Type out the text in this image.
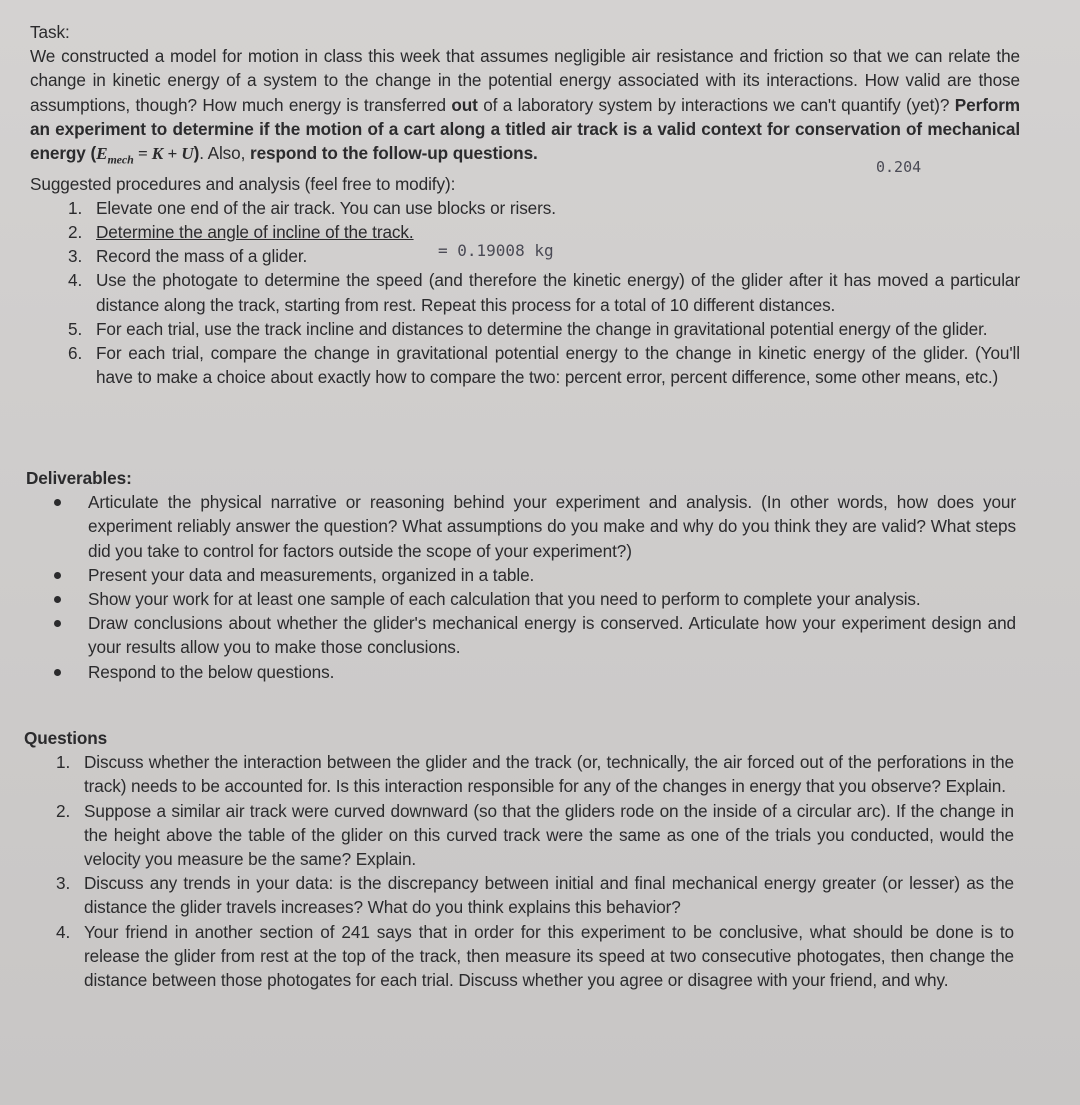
Task:
We constructed a model for motion in class this week that assumes negligible air resistance and friction so that we can relate the change in kinetic energy of a system to the change in the potential energy associated with its interactions. How valid are those assumptions, though? How much energy is transferred out of a laboratory system by interactions we can't quantify (yet)? Perform an experiment to determine if the motion of a cart along a titled air track is a valid context for conservation of mechanical energy $(E_{mech} = K + U)$. Also, respond to the follow-up questions.
Suggested procedures and analysis (feel free to modify):
1. Elevate one end of the air track. You can use blocks or risers.
2. Determine the angle of incline of the track.
3. Record the mass of a glider.
4. Use the photogate to determine the speed (and therefore the kinetic energy) of the glider after it has moved a particular distance along the track, starting from rest. Repeat this process for a total of 10 different distances.
5. For each trial, use the track incline and distances to determine the change in gravitational potential energy of the glider.
6. For each trial, compare the change in gravitational potential energy to the change in kinetic energy of the glider. (You'll have to make a choice about exactly how to compare the two: percent error, percent difference, some other means, etc.)
0.204
= 0.19008 kg
Deliverables:
Articulate the physical narrative or reasoning behind your experiment and analysis. (In other words, how does your experiment reliably answer the question? What assumptions do you make and why do you think they are valid? What steps did you take to control for factors outside the scope of your experiment?)
Present your data and measurements, organized in a table.
Show your work for at least one sample of each calculation that you need to perform to complete your analysis.
Draw conclusions about whether the glider's mechanical energy is conserved. Articulate how your experiment design and your results allow you to make those conclusions.
Respond to the below questions.
Questions
1. Discuss whether the interaction between the glider and the track (or, technically, the air forced out of the perforations in the track) needs to be accounted for. Is this interaction responsible for any of the changes in energy that you observe? Explain.
2. Suppose a similar air track were curved downward (so that the gliders rode on the inside of a circular arc). If the change in the height above the table of the glider on this curved track were the same as one of the trials you conducted, would the velocity you measure be the same? Explain.
3. Discuss any trends in your data: is the discrepancy between initial and final mechanical energy greater (or lesser) as the distance the glider travels increases? What do you think explains this behavior?
4. Your friend in another section of 241 says that in order for this experiment to be conclusive, what should be done is to release the glider from rest at the top of the track, then measure its speed at two consecutive photogates, then change the distance between those photogates for each trial. Discuss whether you agree or disagree with your friend, and why.
